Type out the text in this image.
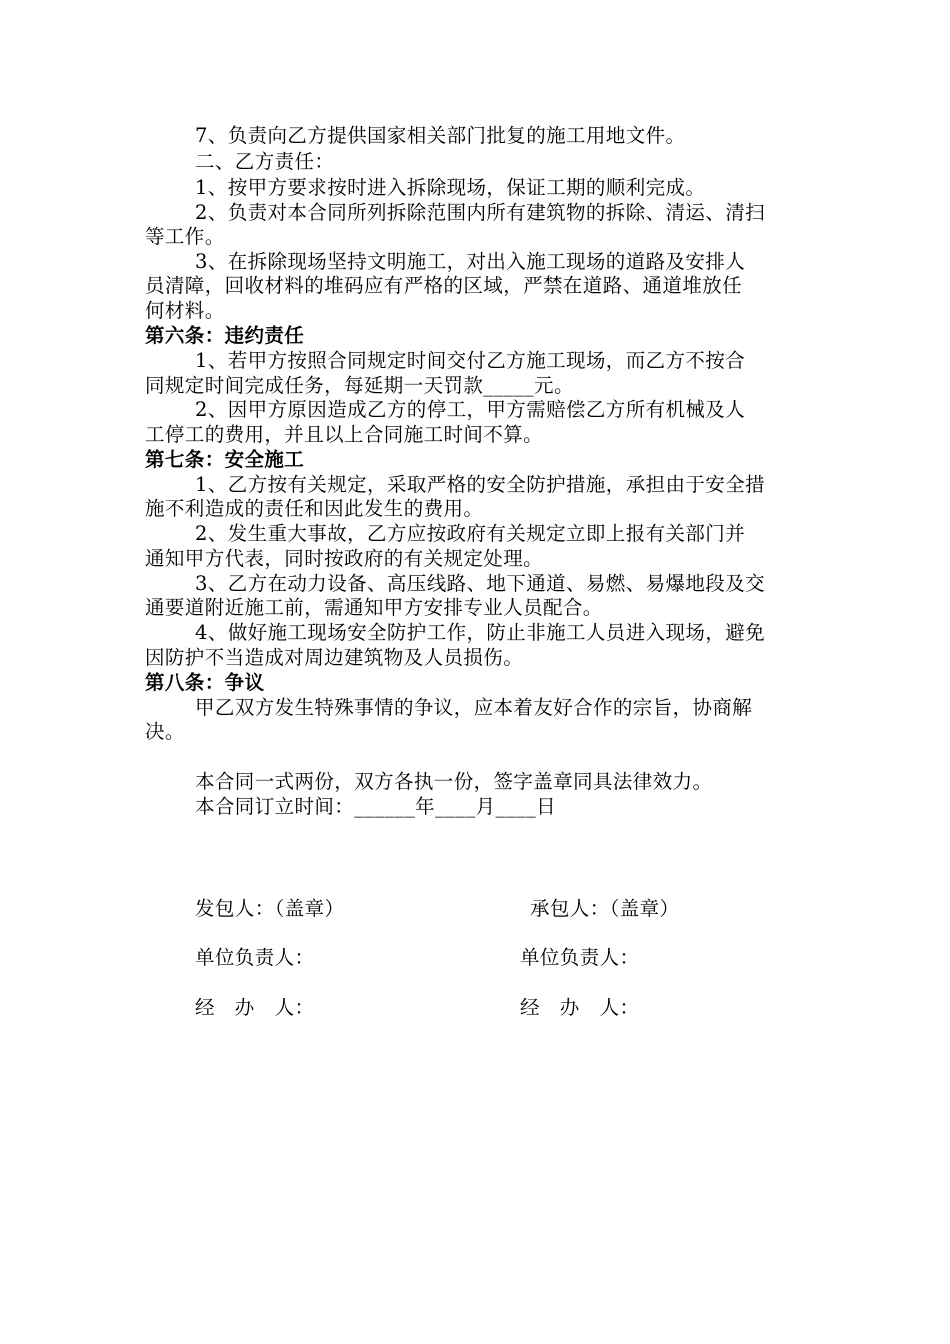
7、负责向乙方提供国家相关部门批复的施工用地文件。
二、乙方责任：
1、按甲方要求按时进入拆除现场，保证工期的顺利完成。
2、负责对本合同所列拆除范围内所有建筑物的拆除、清运、清扫
等工作。
3、在拆除现场坚持文明施工，对出入施工现场的道路及安排人
员清障，回收材料的堆码应有严格的区域，严禁在道路、通道堆放任
何材料。
第六条：违约责任
1、若甲方按照合同规定时间交付乙方施工现场，而乙方不按合
同规定时间完成任务，每延期一天罚款_____元。
2、因甲方原因造成乙方的停工，甲方需赔偿乙方所有机械及人
工停工的费用，并且以上合同施工时间不算。
第七条：安全施工
1、乙方按有关规定，采取严格的安全防护措施，承担由于安全措
施不利造成的责任和因此发生的费用。
2、发生重大事故，乙方应按政府有关规定立即上报有关部门并
通知甲方代表，同时按政府的有关规定处理。
3、乙方在动力设备、高压线路、地下通道、易燃、易爆地段及交
通要道附近施工前，需通知甲方安排专业人员配合。
4、做好施工现场安全防护工作，防止非施工人员进入现场，避免
因防护不当造成对周边建筑物及人员损伤。
第八条：争议
甲乙双方发生特殊事情的争议，应本着友好合作的宗旨，协商解
决。
本合同一式两份，双方各执一份，签字盖章同具法律效力。
本合同订立时间：______年____月____日
发包人：（盖章）	承包人：（盖章）
单位负责人：	单位负责人：
经　办　人：	经　办　人：
